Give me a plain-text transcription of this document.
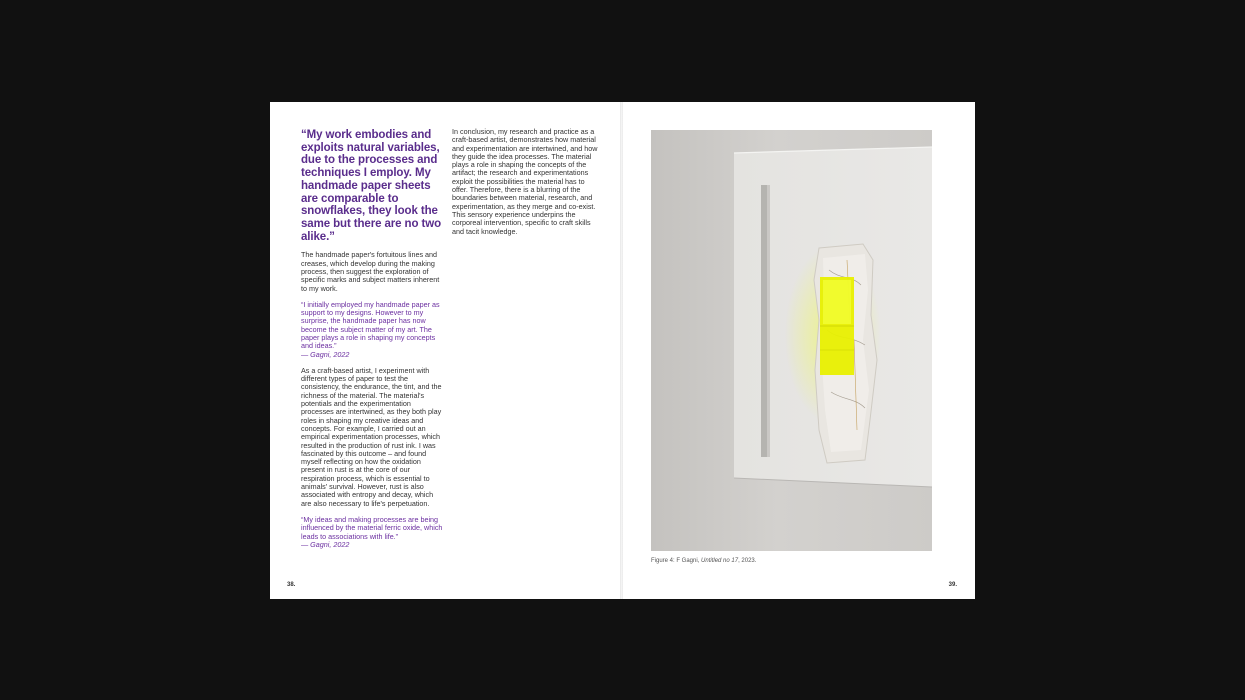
“My work embodies and exploits natural variables, due to the processes and techniques I employ. My handmade paper sheets are comparable to snowflakes, they look the same but there are no two alike.”

The handmade paper's fortuitous lines and creases, which develop during the making process, then suggest the exploration of specific marks and subject matters inherent to my work.

“I initially employed my handmade paper as support to my designs. However to my surprise, the handmade paper has now become the subject matter of my art. The paper plays a role in shaping my concepts and ideas.”
— Gagni, 2022

As a craft-based artist, I experiment with different types of paper to test the consistency, the endurance, the tint, and the richness of the material. The material's potentials and the experimentation processes are intertwined, as they both play roles in shaping my creative ideas and concepts. For example, I carried out an empirical experimentation processes, which resulted in the production of rust ink. I was fascinated by this outcome – and found myself reflecting on how the oxidation present in rust is at the core of our respiration process, which is essential to animals' survival. However, rust is also associated with entropy and decay, which are also necessary to life's perpetuation.

“My ideas and making processes are being influenced by the material ferric oxide, which leads to associations with life.”
— Gagni, 2022

In conclusion, my research and practice as a craft-based artist, demonstrates how material and experimentation are intertwined, and how they guide the idea processes. The material plays a role in shaping the concepts of the artifact; the research and experimentations exploit the possibilities the material has to offer. Therefore, there is a blurring of the boundaries between material, research, and experimentation, as they merge and co-exist. This sensory experience underpins the corporeal intervention, specific to craft skills and tacit knowledge.

38.
Figure 4: F Gagni, Untitled no 17, 2023.
39.
